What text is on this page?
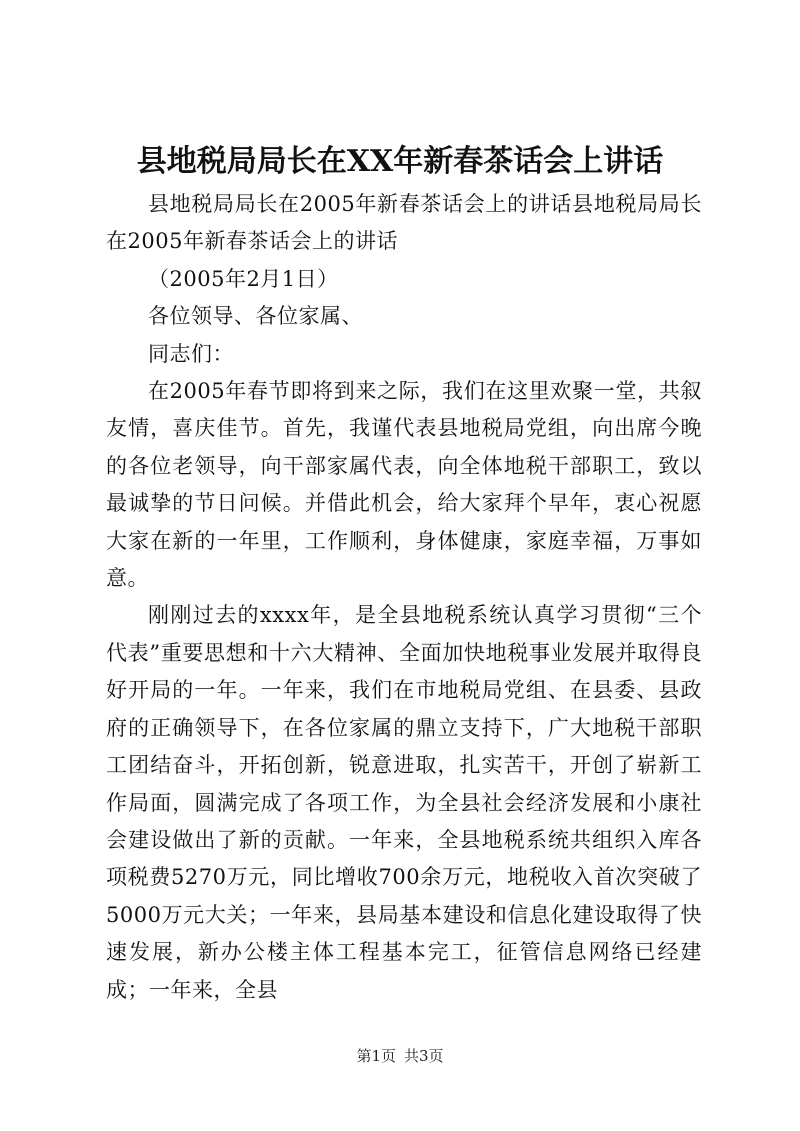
县地税局局长在XX年新春茶话会上讲话

县地税局局长在2005年新春茶话会上的讲话县地税局局长在2005年新春茶话会上的讲话

（2005年2月1日）

各位领导、各位家属、

同志们：

在2005年春节即将到来之际，我们在这里欢聚一堂，共叙友情，喜庆佳节。首先，我谨代表县地税局党组，向出席今晚的各位老领导，向干部家属代表，向全体地税干部职工，致以最诚挚的节日问候。并借此机会，给大家拜个早年，衷心祝愿大家在新的一年里，工作顺利，身体健康，家庭幸福，万事如意。

刚刚过去的xxxx年，是全县地税系统认真学习贯彻“三个代表”重要思想和十六大精神、全面加快地税事业发展并取得良好开局的一年。一年来，我们在市地税局党组、在县委、县政府的正确领导下，在各位家属的鼎立支持下，广大地税干部职工团结奋斗，开拓创新，锐意进取，扎实苦干，开创了崭新工作局面，圆满完成了各项工作，为全县社会经济发展和小康社会建设做出了新的贡献。一年来，全县地税系统共组织入库各项税费5270万元，同比增收700余万元，地税收入首次突破了5000万元大关；一年来，县局基本建设和信息化建设取得了快速发展，新办公楼主体工程基本完工，征管信息网络已经建成；一年来，全县

第1页 共3页
